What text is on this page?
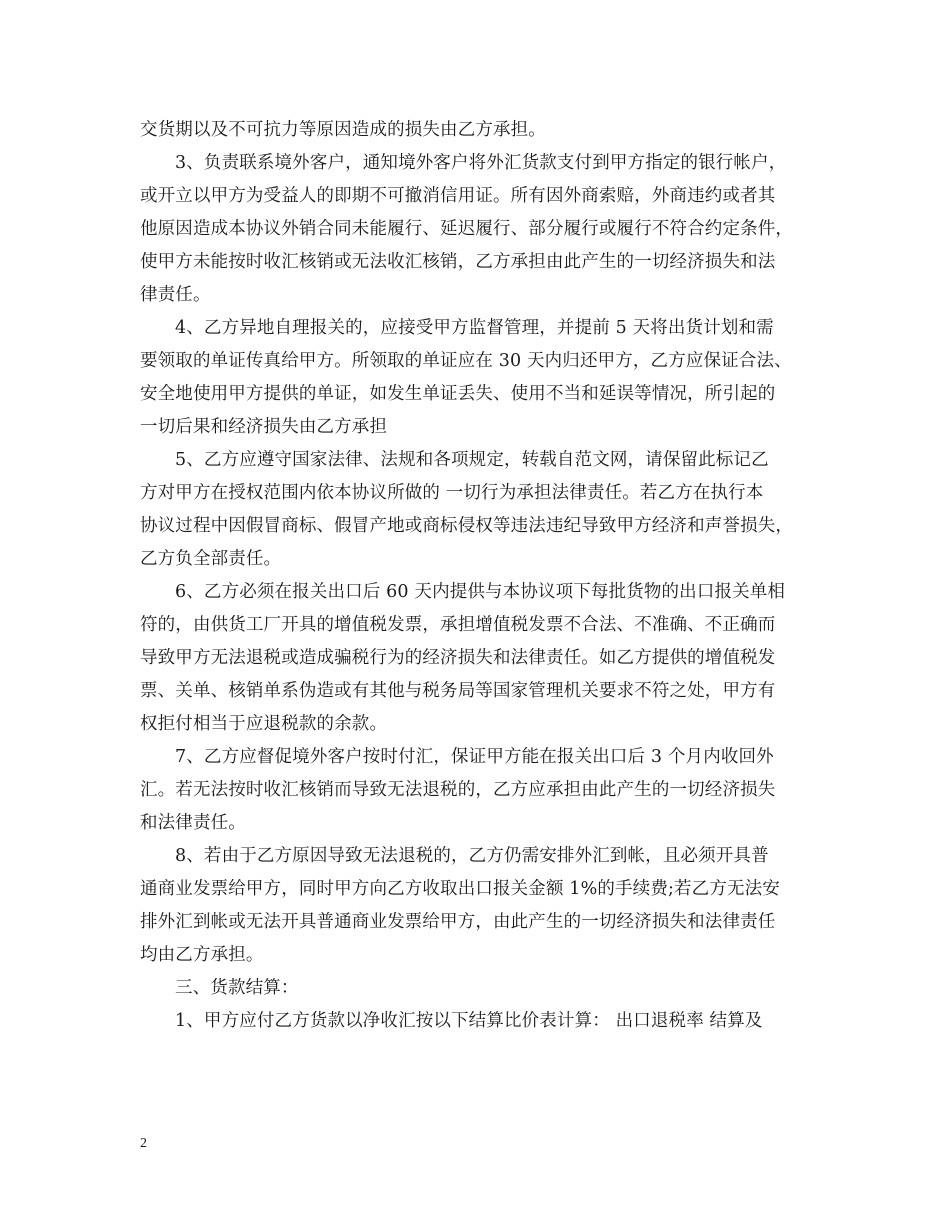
交货期以及不可抗力等原因造成的损失由乙方承担。
3、负责联系境外客户，通知境外客户将外汇货款支付到甲方指定的银行帐户，
或开立以甲方为受益人的即期不可撤消信用证。所有因外商索赔，外商违约或者其
他原因造成本协议外销合同未能履行、延迟履行、部分履行或履行不符合约定条件，
使甲方未能按时收汇核销或无法收汇核销，乙方承担由此产生的一切经济损失和法
律责任。
4、乙方异地自理报关的，应接受甲方监督管理，并提前 5 天将出货计划和需
要领取的单证传真给甲方。所领取的单证应在 30 天内归还甲方，乙方应保证合法、
安全地使用甲方提供的单证，如发生单证丢失、使用不当和延误等情况，所引起的
一切后果和经济损失由乙方承担
5、乙方应遵守国家法律、法规和各项规定，转载自范文网，请保留此标记乙
方对甲方在授权范围内依本协议所做的 一切行为承担法律责任。若乙方在执行本
协议过程中因假冒商标、假冒产地或商标侵权等违法违纪导致甲方经济和声誉损失，
乙方负全部责任。
6、乙方必须在报关出口后 60 天内提供与本协议项下每批货物的出口报关单相
符的，由供货工厂开具的增值税发票，承担增值税发票不合法、不准确、不正确而
导致甲方无法退税或造成骗税行为的经济损失和法律责任。如乙方提供的增值税发
票、关单、核销单系伪造或有其他与税务局等国家管理机关要求不符之处，甲方有
权拒付相当于应退税款的余款。
7、乙方应督促境外客户按时付汇，保证甲方能在报关出口后 3 个月内收回外
汇。若无法按时收汇核销而导致无法退税的，乙方应承担由此产生的一切经济损失
和法律责任。
8、若由于乙方原因导致无法退税的，乙方仍需安排外汇到帐，且必须开具普
通商业发票给甲方，同时甲方向乙方收取出口报关金额 1%的手续费;若乙方无法安
排外汇到帐或无法开具普通商业发票给甲方，由此产生的一切经济损失和法律责任
均由乙方承担。
三、货款结算：
1、甲方应付乙方货款以净收汇按以下结算比价表计算： 出口退税率 结算及
2
